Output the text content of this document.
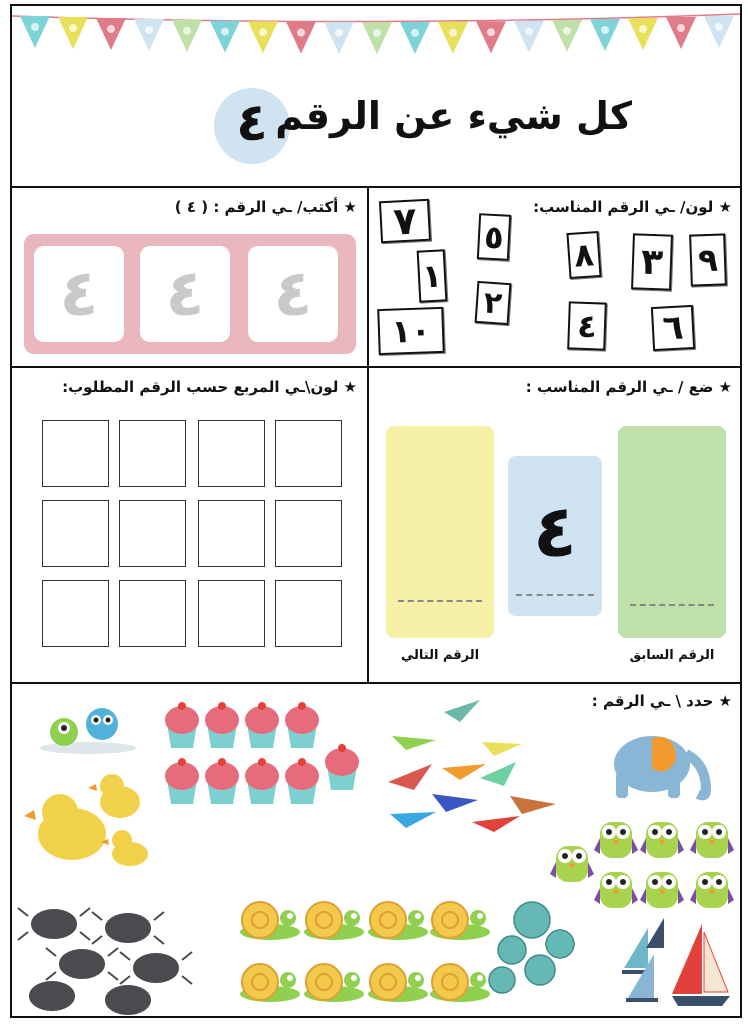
٤ كل شيء عن الرقم
★ أكتب/ ـي الرقم : ( ٤ )
٤ ٤ ٤
★ لون/ ـي الرقم المناسب:
٧	٥ ٨ ٣ ٩
١
٢
١٠	٤	٦
★ لون\ـي المربع حسب الرقم المطلوب:	★ ضع / ـي الرقم المناسب :
٤
الرقم التالي	الرقم السابق
★ حدد \ ـي الرقم :
